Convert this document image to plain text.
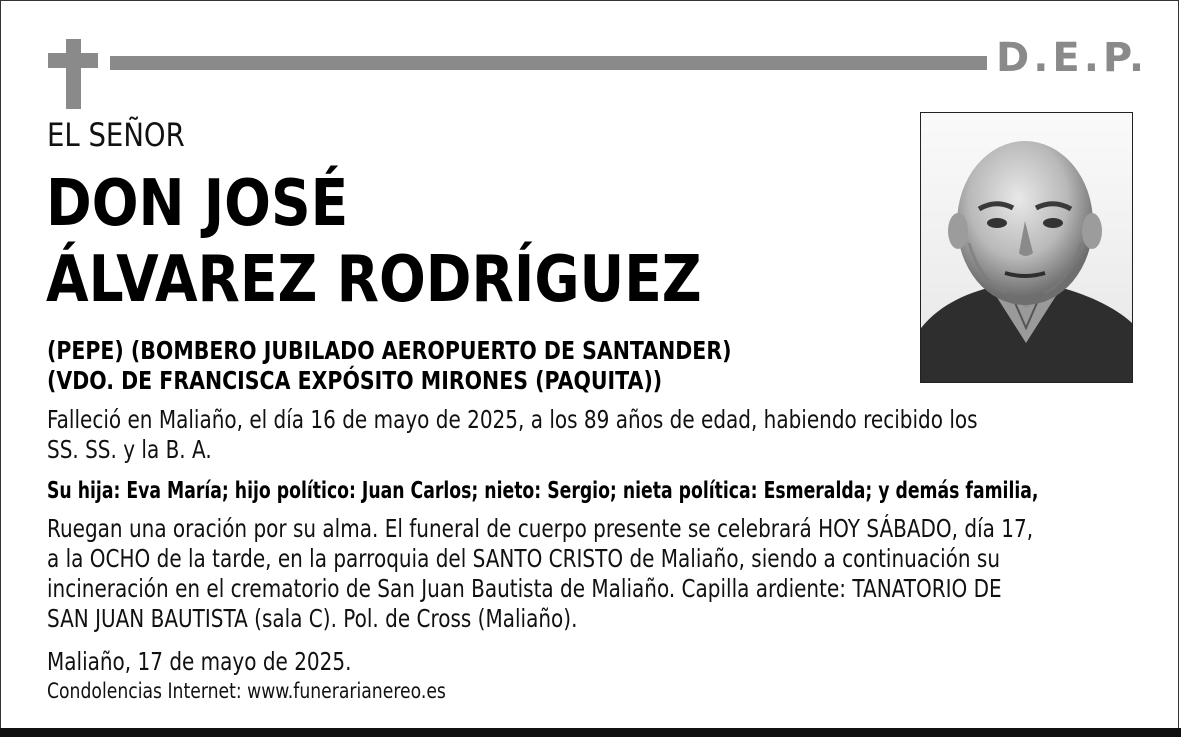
D.E.P.
EL SEÑOR
DON JOSÉ
ÁLVAREZ RODRÍGUEZ
(PEPE) (BOMBERO JUBILADO AEROPUERTO DE SANTANDER)
(VDO. DE FRANCISCA EXPÓSITO MIRONES (PAQUITA))
Falleció en Maliaño, el día 16 de mayo de 2025, a los 89 años de edad, habiendo recibido los
SS. SS. y la B. A.
Su hija: Eva María; hijo político: Juan Carlos; nieto: Sergio; nieta política: Esmeralda; y demás familia,
Ruegan una oración por su alma. El funeral de cuerpo presente se celebrará HOY SÁBADO, día 17,
a la OCHO de la tarde, en la parroquia del SANTO CRISTO de Maliaño, siendo a continuación su
incineración en el crematorio de San Juan Bautista de Maliaño. Capilla ardiente: TANATORIO DE
SAN JUAN BAUTISTA (sala C). Pol. de Cross (Maliaño).
Maliaño, 17 de mayo de 2025.
Condolencias Internet: www.funerarianereo.es
